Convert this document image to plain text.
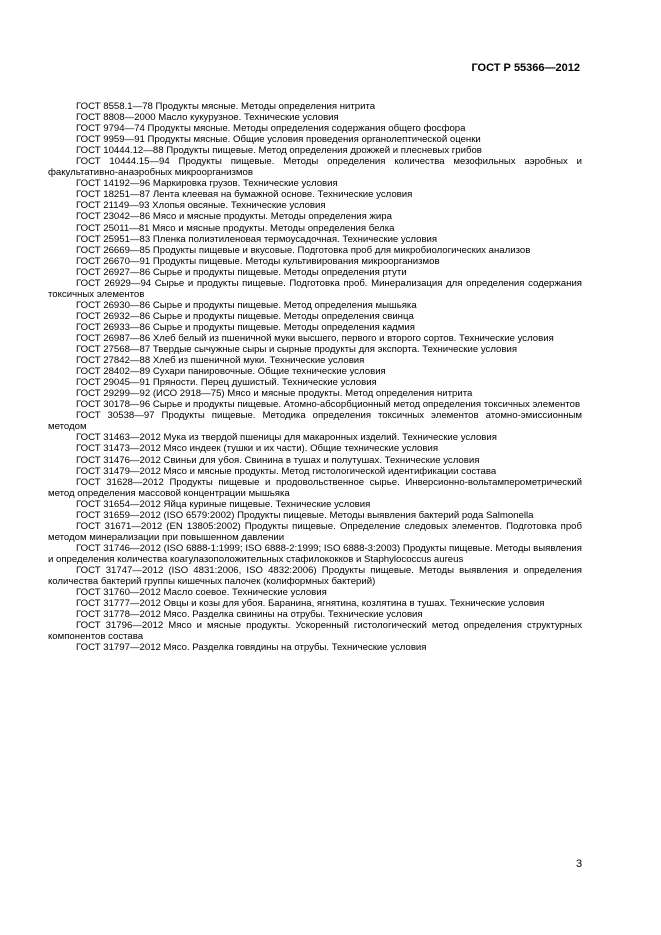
ГОСТ Р 55366—2012

ГОСТ 8558.1—78 Продукты мясные. Методы определения нитрита

ГОСТ 8808—2000 Масло кукурузное. Технические условия

ГОСТ 9794—74 Продукты мясные. Методы определения содержания общего фосфора

ГОСТ 9959—91 Продукты мясные. Общие условия проведения органолептической оценки

ГОСТ 10444.12—88 Продукты пищевые. Метод определения дрожжей и плесневых грибов

ГОСТ 10444.15—94 Продукты пищевые. Методы определения количества мезофильных аэробных и факультативно-анаэробных микроорганизмов

ГОСТ 14192—96 Маркировка грузов. Технические условия

ГОСТ 18251—87 Лента клеевая на бумажной основе. Технические условия

ГОСТ 21149—93 Хлопья овсяные. Технические условия

ГОСТ 23042—86 Мясо и мясные продукты. Методы определения жира

ГОСТ 25011—81 Мясо и мясные продукты. Методы определения белка

ГОСТ 25951—83 Пленка полиэтиленовая термоусадочная. Технические условия

ГОСТ 26669—85 Продукты пищевые и вкусовые. Подготовка проб для микробиологических анализов

ГОСТ 26670—91 Продукты пищевые. Методы культивирования микроорганизмов

ГОСТ 26927—86 Сырье и продукты пищевые. Методы определения ртути

ГОСТ 26929—94 Сырье и продукты пищевые. Подготовка проб. Минерализация для определения содержания токсичных элементов

ГОСТ 26930—86 Сырье и продукты пищевые. Метод определения мышьяка

ГОСТ 26932—86 Сырье и продукты пищевые. Методы определения свинца

ГОСТ 26933—86 Сырье и продукты пищевые. Методы определения кадмия

ГОСТ 26987—86 Хлеб белый из пшеничной муки высшего, первого и второго сортов. Технические условия

ГОСТ 27568—87 Твердые сычужные сыры и сырные продукты для экспорта. Технические условия

ГОСТ 27842—88 Хлеб из пшеничной муки. Технические условия

ГОСТ 28402—89 Сухари панировочные. Общие технические условия

ГОСТ 29045—91 Пряности. Перец душистый. Технические условия

ГОСТ 29299—92 (ИСО 2918—75) Мясо и мясные продукты. Метод определения нитрита

ГОСТ 30178—96 Сырье и продукты пищевые. Атомно-абсорбционный метод определения токсичных элементов

ГОСТ 30538—97 Продукты пищевые. Методика определения токсичных элементов атомно-эмиссионным методом

ГОСТ 31463—2012 Мука из твердой пшеницы для макаронных изделий. Технические условия

ГОСТ 31473—2012 Мясо индеек (тушки и их части). Общие технические условия

ГОСТ 31476—2012 Свиньи для убоя. Свинина в тушах и полутушах. Технические условия

ГОСТ 31479—2012 Мясо и мясные продукты. Метод гистологической идентификации состава

ГОСТ 31628—2012 Продукты пищевые и продовольственное сырье. Инверсионно-вольтамперометрический метод определения массовой концентрации мышьяка

ГОСТ 31654—2012 Яйца куриные пищевые. Технические условия

ГОСТ 31659—2012 (ISO 6579:2002) Продукты пищевые. Методы выявления бактерий рода Salmonella

ГОСТ 31671—2012 (EN 13805:2002) Продукты пищевые. Определение следовых элементов. Подготовка проб методом минерализации при повышенном давлении

ГОСТ 31746—2012 (ISO 6888-1:1999; ISO 6888-2:1999; ISO 6888-3:2003) Продукты пищевые. Методы выявления и определения количества коагулазоположительных стафилококков и Staphylococcus aureus

ГОСТ 31747—2012 (ISO 4831:2006, ISO 4832:2006) Продукты пищевые. Методы выявления и определения количества бактерий группы кишечных палочек (колиформных бактерий)

ГОСТ 31760—2012 Масло соевое. Технические условия

ГОСТ 31777—2012 Овцы и козы для убоя. Баранина, ягнятина, козлятина в тушах. Технические условия

ГОСТ 31778—2012 Мясо. Разделка свинины на отрубы. Технические условия

ГОСТ 31796—2012 Мясо и мясные продукты. Ускоренный гистологический метод определения структурных компонентов состава

ГОСТ 31797—2012 Мясо. Разделка говядины на отрубы. Технические условия

3
